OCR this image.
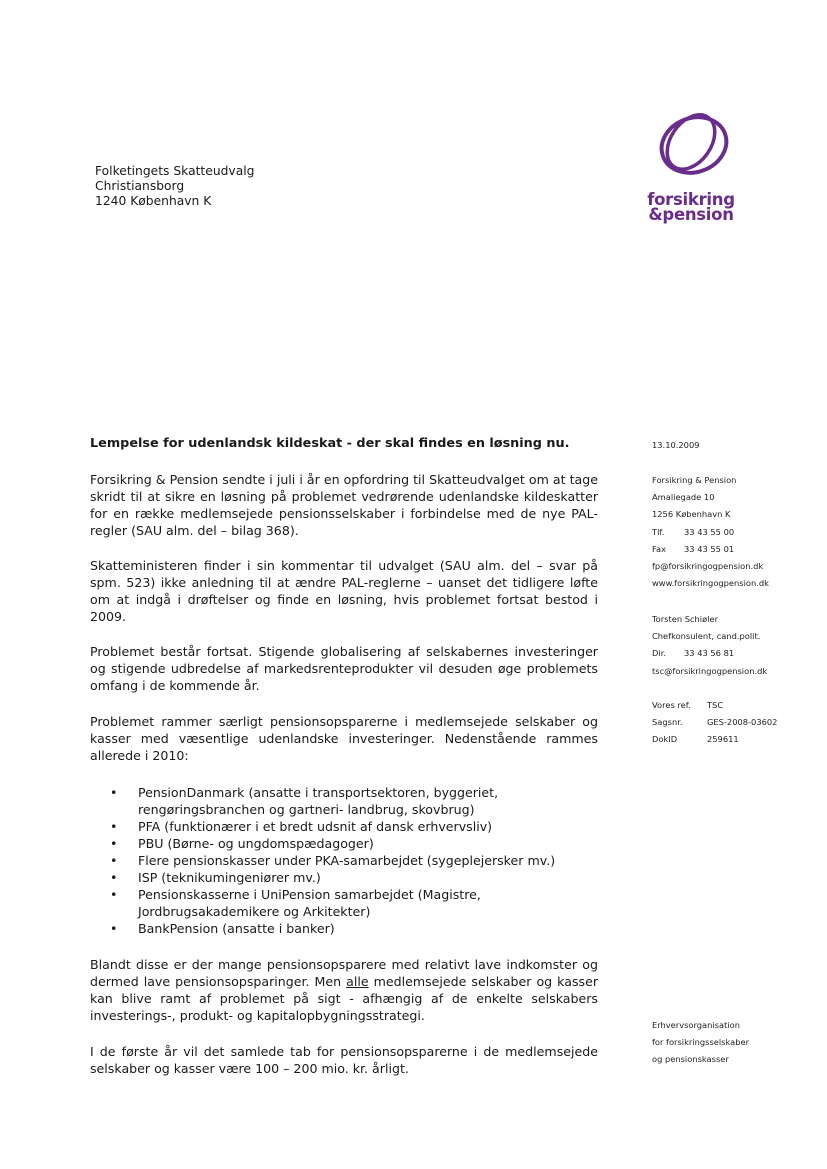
Folketingets Skatteudvalg
Christiansborg
1240 København K	forsikring
&pension
Lempelse for udenlandsk kildeskat - der skal findes en løsning nu.
Forsikring & Pension sendte i juli i år en opfordring til Skatteudvalget om at tage skridt til at sikre en løsning på problemet vedrørende udenlandske kildeskatter for en række medlemsejede pensionsselskaber i forbindelse med de nye PAL-regler (SAU alm. del – bilag 368).
Skatteministeren finder i sin kommentar til udvalget (SAU alm. del – svar på spm. 523) ikke anledning til at ændre PAL-reglerne – uanset det tidligere løfte om at indgå i drøftelser og finde en løsning, hvis problemet fortsat bestod i 2009.
Problemet består fortsat. Stigende globalisering af selskabernes investeringer og stigende udbredelse af markedsrenteprodukter vil desuden øge problemets omfang i de kommende år.
Problemet rammer særligt pensionsopsparerne i medlemsejede selskaber og kasser med væsentlige udenlandske investeringer. Nedenstående rammes allerede i 2010:
• PensionDanmark (ansatte i transportsektoren, byggeriet, rengøringsbranchen og gartneri- landbrug, skovbrug)
• PFA (funktionærer i et bredt udsnit af dansk erhvervsliv)
• PBU (Børne- og ungdomspædagoger)
• Flere pensionskasser under PKA-samarbejdet (sygeplejersker mv.)
• ISP (teknikumingeniører mv.)
• Pensionskasserne i UniPension samarbejdet (Magistre, Jordbrugsakademikere og Arkitekter)
• BankPension (ansatte i banker)
Blandt disse er der mange pensionsopsparere med relativt lave indkomster og dermed lave pensionsopsparinger. Men alle medlemsejede selskaber og kasser kan blive ramt af problemet på sigt - afhængig af de enkelte selskabers investerings-, produkt- og kapitalopbygningsstrategi.
I de første år vil det samlede tab for pensionsopsparerne i de medlemsejede selskaber og kasser være 100 – 200 mio. kr. årligt.
13.10.2009
Forsikring & Pension
Amaliegade 10
1256 København K
Tlf. 33 43 55 00
Fax 33 43 55 01
fp@forsikringogpension.dk
www.forsikringogpension.dk
Torsten Schiøler
Chefkonsulent, cand.polit.
Dir. 33 43 56 81
tsc@forsikringogpension.dk
Vores ref. TSC
Sagsnr.	GES-2008-03602
DokID	259611
Erhvervsorganisation
for forsikringsselskaber
og pensionskasser
